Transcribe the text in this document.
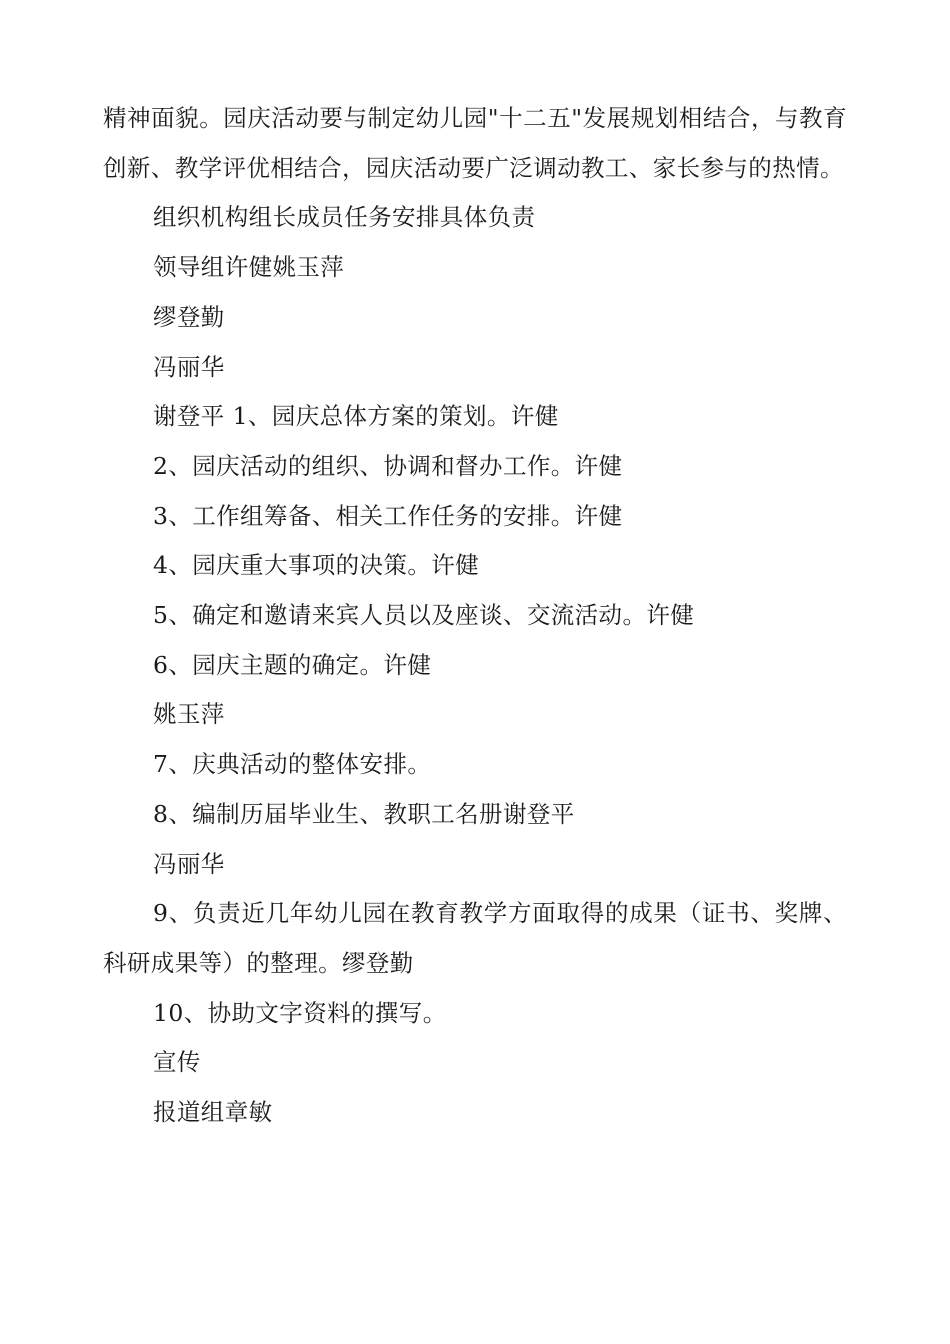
精神面貌。园庆活动要与制定幼儿园"十二五"发展规划相结合，与教育创新、教学评优相结合，园庆活动要广泛调动教工、家长参与的热情。

组织机构组长成员任务安排具体负责

领导组许健姚玉萍

缪登勤

冯丽华

谢登平 1、园庆总体方案的策划。许健

2、园庆活动的组织、协调和督办工作。许健

3、工作组筹备、相关工作任务的安排。许健

4、园庆重大事项的决策。许健

5、确定和邀请来宾人员以及座谈、交流活动。许健

6、园庆主题的确定。许健

姚玉萍

7、庆典活动的整体安排。

8、编制历届毕业生、教职工名册谢登平

冯丽华

9、负责近几年幼儿园在教育教学方面取得的成果（证书、奖牌、科研成果等）的整理。缪登勤

10、协助文字资料的撰写。

宣传

报道组章敏
